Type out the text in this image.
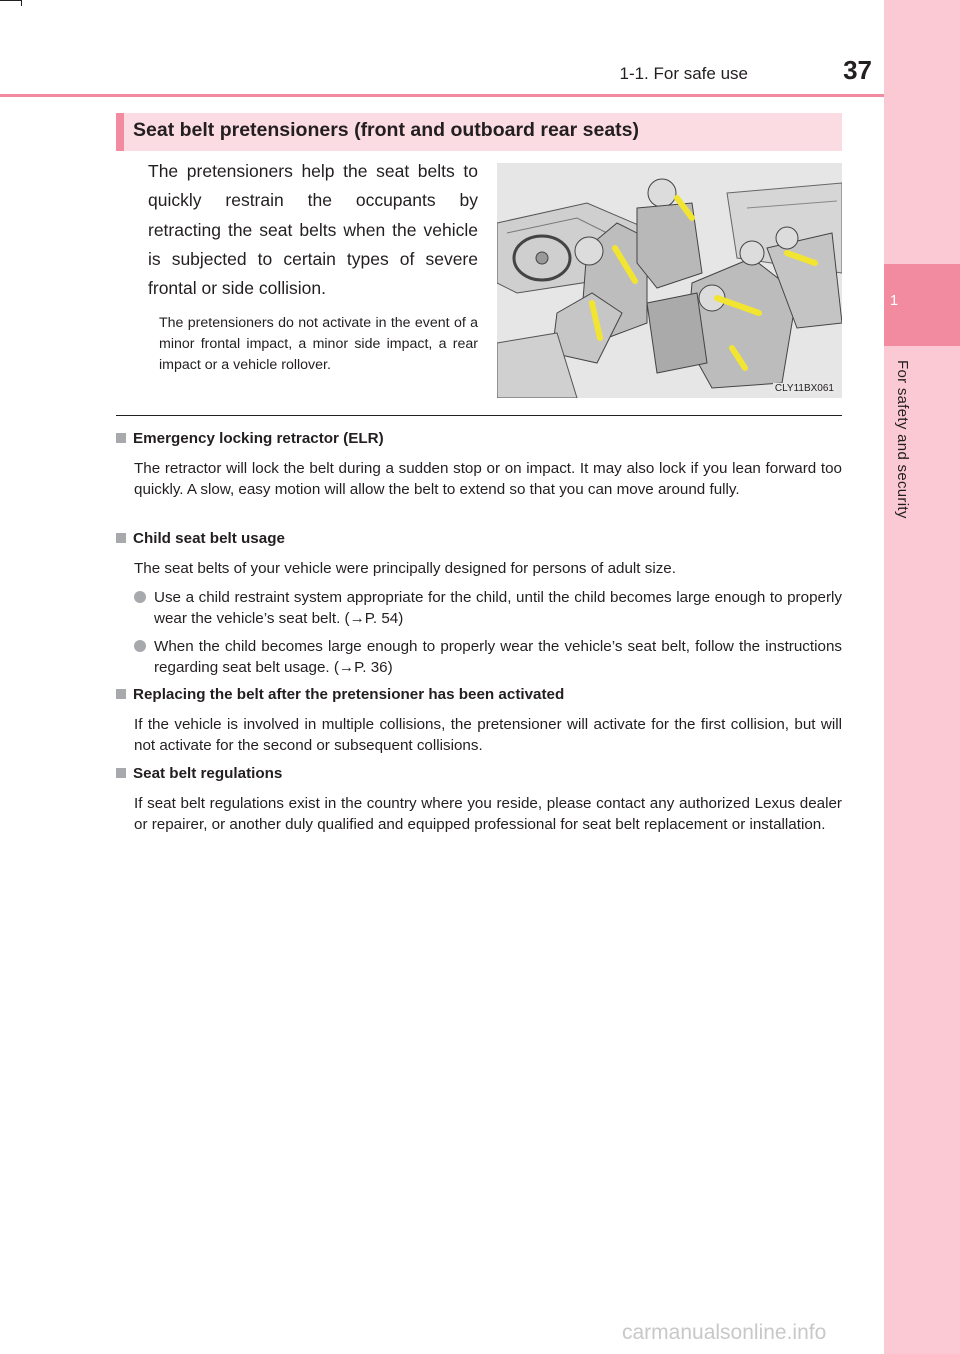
1
For safety and security
1-1. For safe use	37
Seat belt pretensioners (front and outboard rear seats)
The pretensioners help the seat belts to quickly restrain the occupants by retracting the seat belts when the vehicle is subjected to certain types of severe frontal or side collision.
The pretensioners do not activate in the event of a minor frontal impact, a minor side impact, a rear impact or a vehicle rollover.
CLY11BX061
Emergency locking retractor (ELR)
The retractor will lock the belt during a sudden stop or on impact. It may also lock if you lean forward too quickly. A slow, easy motion will allow the belt to extend so that you can move around fully.
Child seat belt usage
The seat belts of your vehicle were principally designed for persons of adult size.
Use a child restraint system appropriate for the child, until the child becomes large enough to properly wear the vehicle’s seat belt. (→P. 54)
When the child becomes large enough to properly wear the vehicle’s seat belt, follow the instructions regarding seat belt usage. (→P. 36)
Replacing the belt after the pretensioner has been activated
If the vehicle is involved in multiple collisions, the pretensioner will activate for the first collision, but will not activate for the second or subsequent collisions.
Seat belt regulations
If seat belt regulations exist in the country where you reside, please contact any authorized Lexus dealer or repairer, or another duly qualified and equipped professional for seat belt replacement or installation.
carmanualsonline.info
